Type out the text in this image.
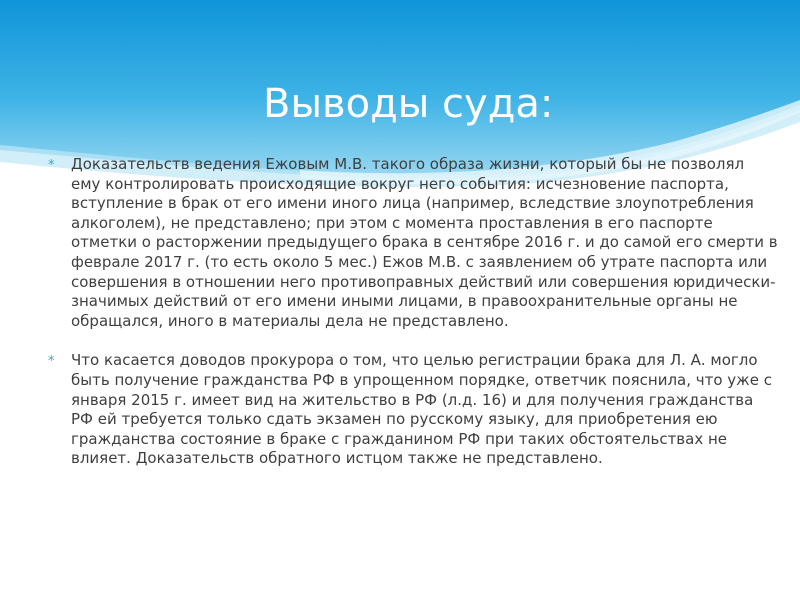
Выводы суда:
*	Доказательств ведения Ежовым М.В. такого образа жизни, который бы не позволял ему контролировать происходящие вокруг него события: исчезновение паспорта, вступление в брак от его имени иного лица (например, вследствие злоупотребления алкоголем), не представлено; при этом с момента проставления в его паспорте отметки о расторжении предыдущего брака в сентябре 2016 г. и до самой его смерти в феврале 2017 г. (то есть около 5 мес.) Ежов М.В. с заявлением об утрате паспорта или совершения в отношении него противоправных действий или совершения юридически-значимых действий от его имени иными лицами, в правоохранительные органы не обращался, иного в материалы дела не представлено.

*	Что касается доводов прокурора о том, что целью регистрации брака для Л. А. могло быть получение гражданства РФ в упрощенном порядке, ответчик пояснила, что уже с января 2015 г. имеет вид на жительство в РФ (л.д. 16) и для получения гражданства РФ ей требуется только сдать экзамен по русскому языку, для приобретения ею гражданства состояние в браке с гражданином РФ при таких обстоятельствах не влияет. Доказательств обратного истцом также не представлено.
